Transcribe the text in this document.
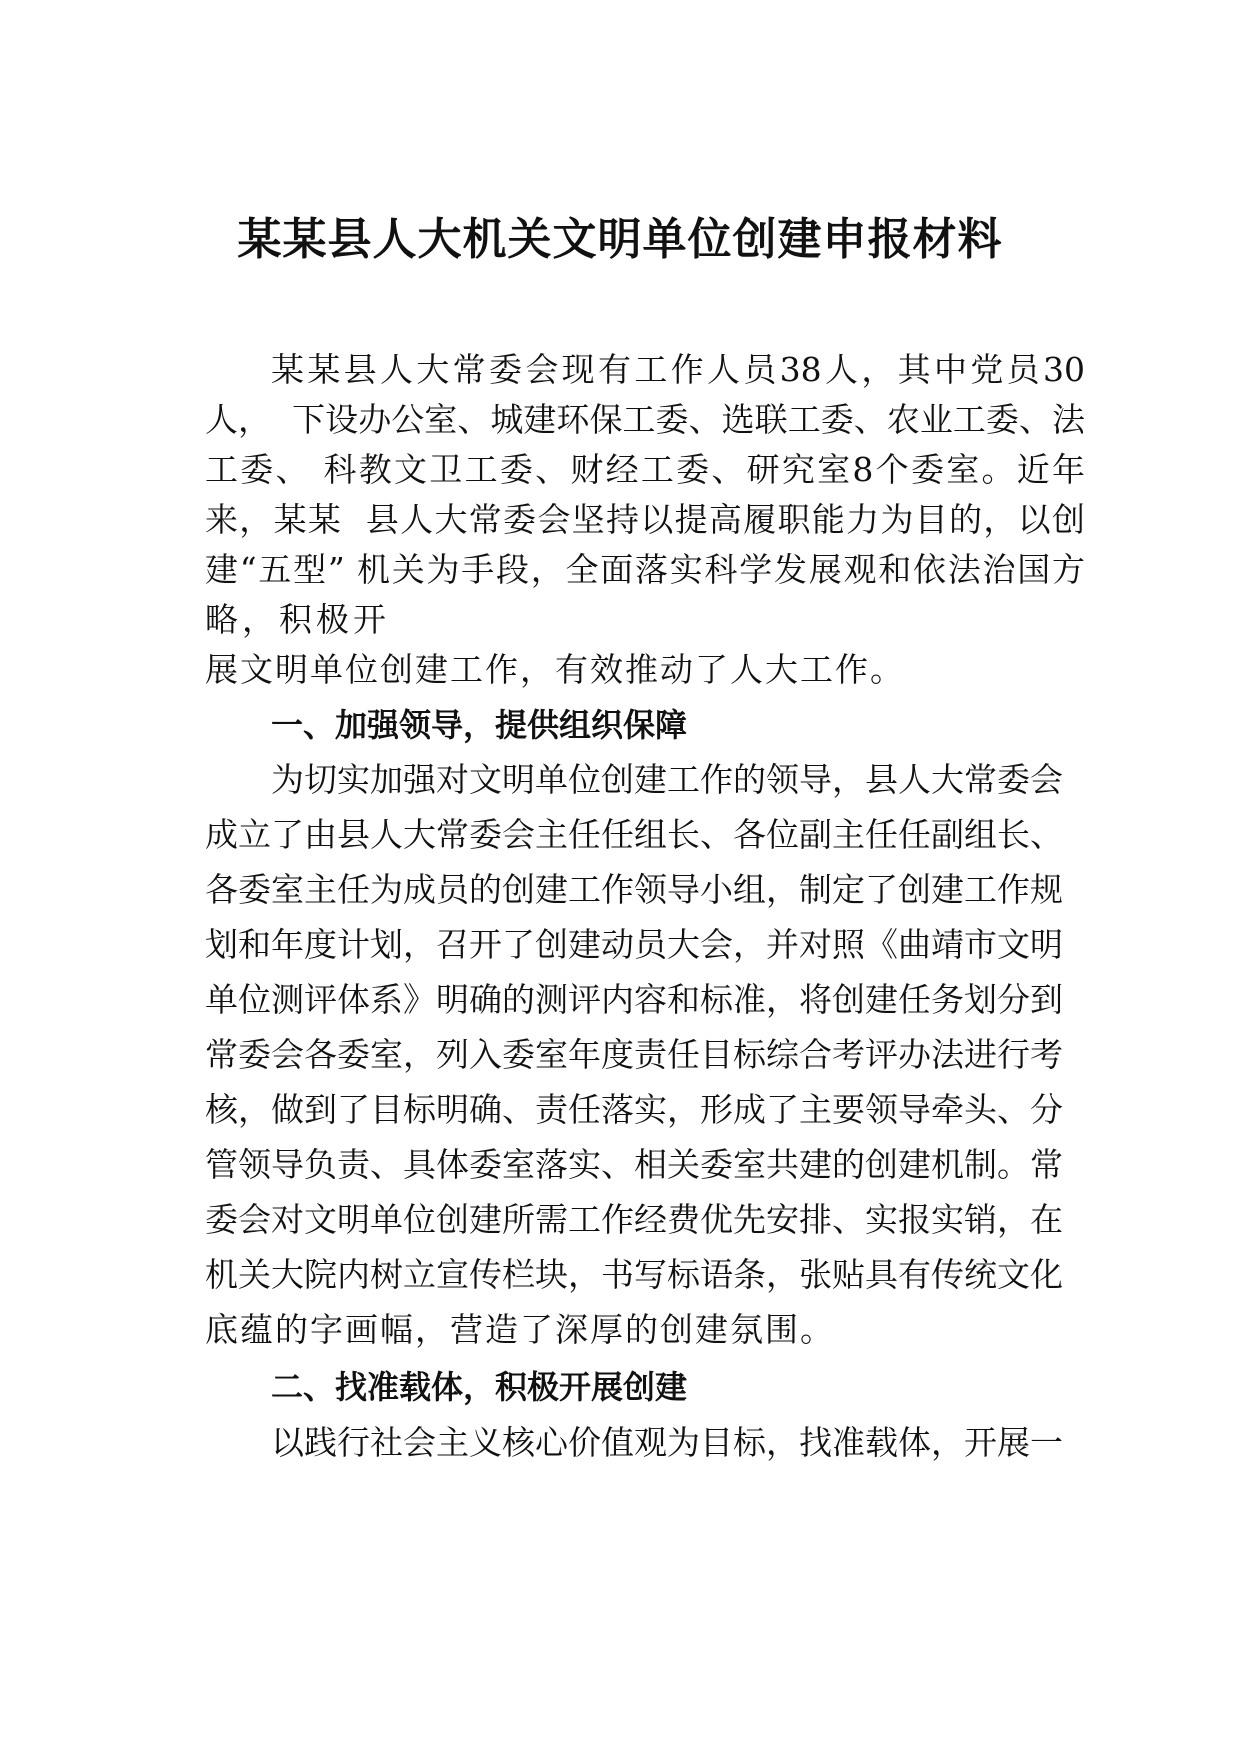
某某县人大机关文明单位创建申报材料
某某县人大常委会现有工作人员38人，其中党员30
人，  下设办公室、城建环保工委、选联工委、农业工委、法
工委、 科教文卫工委、财经工委、研究室8个委室。近年
来，某某  县人大常委会坚持以提高履职能力为目的，以创
建“五型” 机关为手段，全面落实科学发展观和依法治国方
略，积极开
展文明单位创建工作，有效推动了人大工作。
一、加强领导，提供组织保障
为切实加强对文明单位创建工作的领导，县人大常委会
成立了由县人大常委会主任任组长、各位副主任任副组长、
各委室主任为成员的创建工作领导小组，制定了创建工作规
划和年度计划，召开了创建动员大会，并对照《曲靖市文明
单位测评体系》明确的测评内容和标准，将创建任务划分到
常委会各委室，列入委室年度责任目标综合考评办法进行考
核，做到了目标明确、责任落实，形成了主要领导牵头、分
管领导负责、具体委室落实、相关委室共建的创建机制。常
委会对文明单位创建所需工作经费优先安排、实报实销，在
机关大院内树立宣传栏块，书写标语条，张贴具有传统文化
底蕴的字画幅，营造了深厚的创建氛围。
二、找准载体，积极开展创建
以践行社会主义核心价值观为目标，找准载体，开展一
